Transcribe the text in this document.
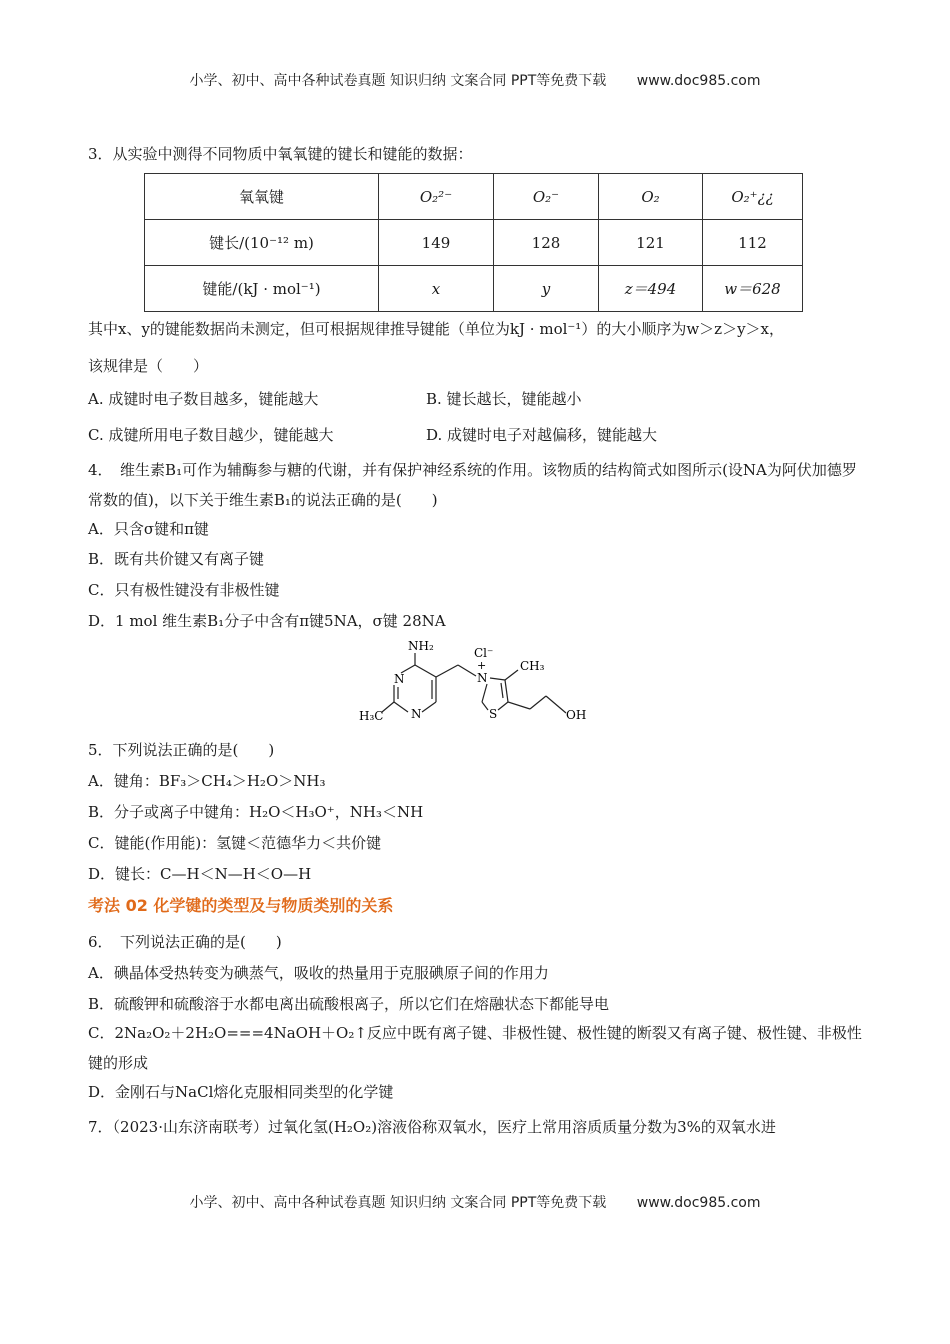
小学、初中、高中各种试卷真题 知识归纳 文案合同 PPT等免费下载 www.doc985.com
3．从实验中测得不同物质中氧氧键的键长和键能的数据：
氧氧键	O₂²⁻	O₂⁻	O₂	O₂⁺¿¿
键长/(10⁻¹² m)	149	128	121	112
键能/(kJ · mol⁻¹)	x	y	z＝494	w＝628
其中x、y的键能数据尚未测定，但可根据规律推导键能（单位为kJ · mol⁻¹）的大小顺序为w＞z＞y＞x，
该规律是（　　）
A. 成键时电子数目越多，键能越大	B. 键长越长，键能越小
C. 成键所用电子数目越少，键能越大	D. 成键时电子对越偏移，键能越大
4．　维生素B₁可作为辅酶参与糖的代谢，并有保护神经系统的作用。该物质的结构简式如图所示(设NA为阿伏加德罗常数的值)，以下关于维生素B₁的说法正确的是(　　)
A．只含σ键和π键
B．既有共价键又有离子键
C．只有极性键没有非极性键
D．1 mol 维生素B₁分子中含有π键5NA，σ键 28NA
NH₂
N
N
H₃C
Cl⁻
+
N
CH₃
S	OH
5．下列说法正确的是(　　)
A．键角：BF₃＞CH₄＞H₂O＞NH₃
B．分子或离子中键角：H₂O＜H₃O⁺，NH₃＜NH
C．键能(作用能)：氢键＜范德华力＜共价键
D．键长：C—H＜N—H＜O—H
考法 02 化学键的类型及与物质类别的关系
6．　下列说法正确的是(　　)
A．碘晶体受热转变为碘蒸气，吸收的热量用于克服碘原子间的作用力
B．硫酸钾和硫酸溶于水都电离出硫酸根离子，所以它们在熔融状态下都能导电
C．2Na₂O₂＋2H₂O===4NaOH＋O₂↑反应中既有离子键、非极性键、极性键的断裂又有离子键、极性键、非极性键的形成
D．金刚石与NaCl熔化克服相同类型的化学键
7．（2023·山东济南联考）过氧化氢(H₂O₂)溶液俗称双氧水，医疗上常用溶质质量分数为3%的双氧水进
小学、初中、高中各种试卷真题 知识归纳 文案合同 PPT等免费下载 www.doc985.com
